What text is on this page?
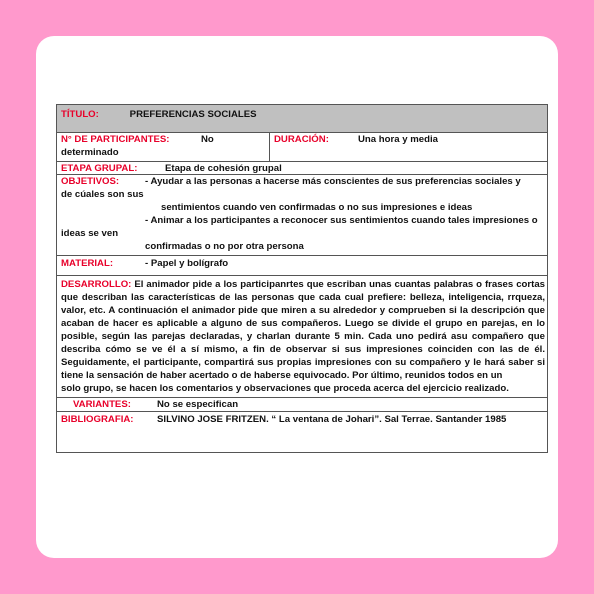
TÍTULO:	PREFERENCIAS SOCIALES
N° DE PARTICIPANTES:	No
determinado
DURACIÓN:	Una hora y media
ETAPA GRUPAL:	Etapa de cohesión grupal
OBJETIVOS:	- Ayudar a las personas a hacerse más conscientes de sus preferencias sociales y
de cúales son sus
sentimientos cuando ven confirmadas o no sus impresiones e ideas
- Animar a los participantes a reconocer sus sentimientos cuando tales impresiones o
ideas se ven
confirmadas o no por otra persona
MATERIAL:	- Papel y bolígrafo
DESARROLLO: El animador pide a los participanrtes que escriban unas cuantas palabras o frases cortas que describan las características de las personas que cada cual prefiere: belleza, inteligencia, rrqueza, valor, etc. A continuación el animador pide que miren a su alrededor y comprueben si la descripción que acaban de hacer es aplicable a alguno de sus compañeros. Luego se divide el grupo en parejas, en lo posible, según las parejas declaradas, y charlan durante 5 min. Cada uno pedirá asu compañero que describa cómo se ve él a sí mismo, a fin de observar si sus impresiones coinciden con las de él. Seguidamente, el participante, compartirá sus propias impresiones con su compañero y le hará saber si tiene la sensación de haber acertado o de haberse equivocado. Por último, reunidos todos en un
solo grupo, se hacen los comentarios y observaciones que proceda acerca del ejercicio realizado.
VARIANTES:	No se especifican
BIBLIOGRAFIA: SILVINO JOSE FRITZEN. “ La ventana de Johari”. Sal Terrae. Santander 1985
